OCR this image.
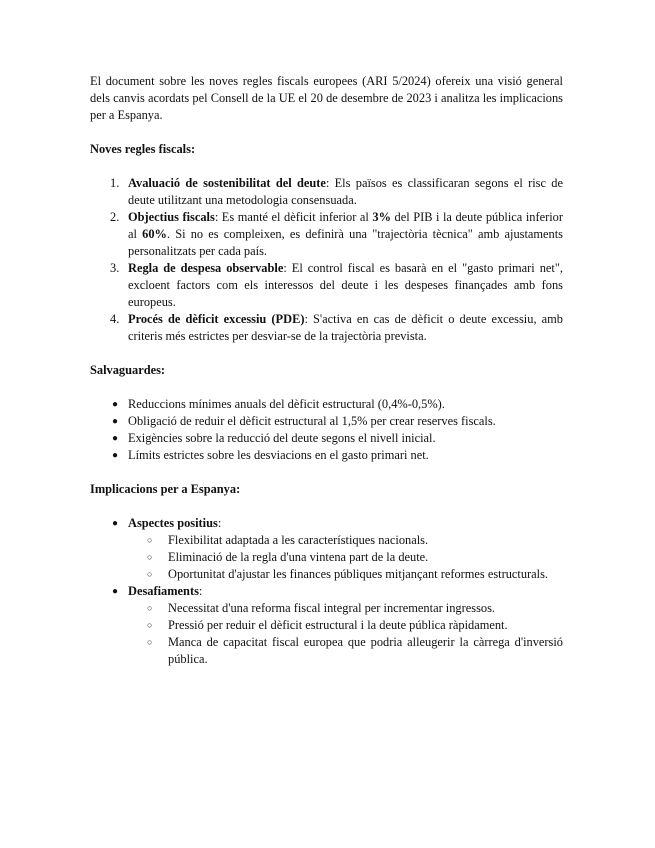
El document sobre les noves regles fiscals europees (ARI 5/2024) ofereix una visió general dels canvis acordats pel Consell de la UE el 20 de desembre de 2023 i analitza les implicacions per a Espanya.

Noves regles fiscals:
1. Avaluació de sostenibilitat del deute: Els països es classificaran segons el risc de deute utilitzant una metodologia consensuada.
2. Objectius fiscals: Es manté el dèficit inferior al 3% del PIB i la deute pública inferior al 60%. Si no es compleixen, es definirà una "trajectòria tècnica" amb ajustaments personalitzats per cada país.
3. Regla de despesa observable: El control fiscal es basarà en el "gasto primari net", excloent factors com els interessos del deute i les despeses finançades amb fons europeus.
4. Procés de dèficit excessiu (PDE): S'activa en cas de dèficit o deute excessiu, amb criteris més estrictes per desviar-se de la trajectòria prevista.
Salvaguardes:
● Reduccions mínimes anuals del dèficit estructural (0,4%-0,5%).
● Obligació de reduir el dèficit estructural al 1,5% per crear reserves fiscals.
● Exigències sobre la reducció del deute segons el nivell inicial.
● Límits estrictes sobre les desviacions en el gasto primari net.
Implicacions per a Espanya:
● Aspectes positius:
○	Flexibilitat adaptada a les característiques nacionals.
○	Eliminació de la regla d'una vintena part de la deute.
○	Oportunitat d'ajustar les finances públiques mitjançant reformes estructurals.
● Desafiaments:
○	Necessitat d'una reforma fiscal integral per incrementar ingressos.
○	Pressió per reduir el dèficit estructural i la deute pública ràpidament.
○	Manca de capacitat fiscal europea que podria alleugerir la càrrega d'inversió pública.
